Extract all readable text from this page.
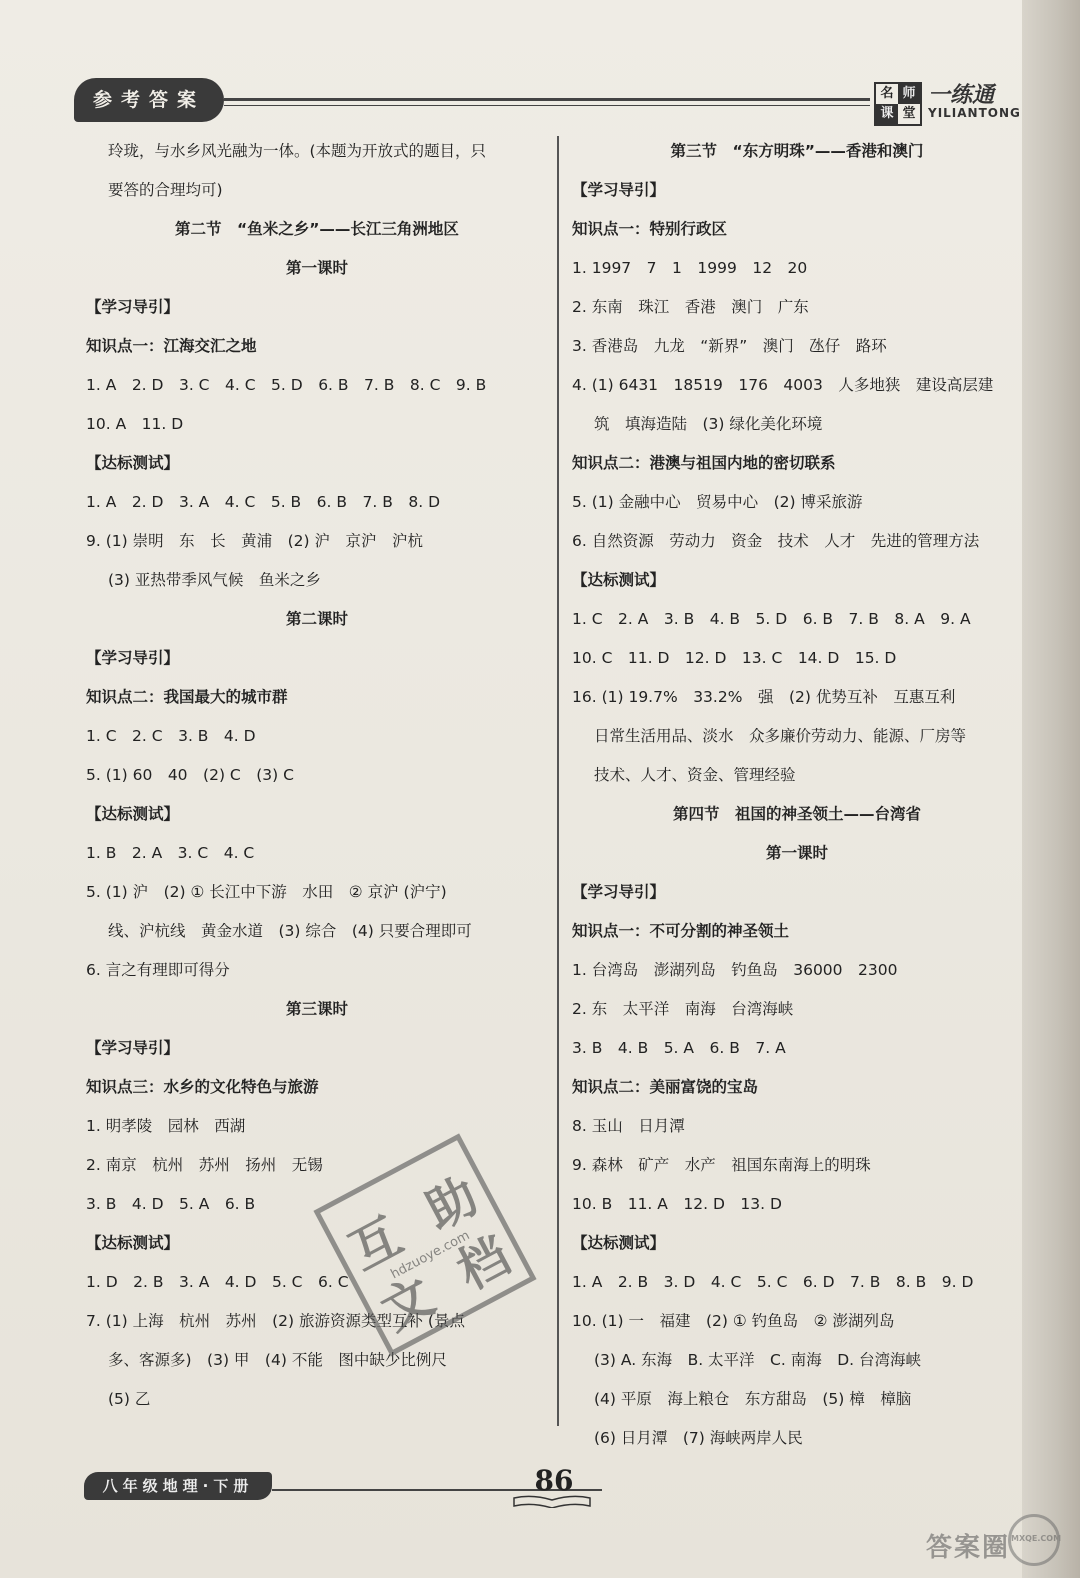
参考答案	名 师
课 堂
一练通
YILIANTONG
玲珑，与水乡风光融为一体。(本题为开放式的题目，只
要答的合理均可)
第二节　“鱼米之乡”——长江三角洲地区
第一课时
【学习导引】
知识点一：江海交汇之地
1. A　2. D　3. C　4. C　5. D　6. B　7. B　8. C　9. B
10. A　11. D
【达标测试】
1. A　2. D　3. A　4. C　5. B　6. B　7. B　8. D
9. (1) 崇明　东　长　黄浦　(2) 沪　京沪　沪杭
(3) 亚热带季风气候　鱼米之乡
第二课时
【学习导引】
知识点二：我国最大的城市群
1. C　2. C　3. B　4. D
5. (1) 60　40　(2) C　(3) C
【达标测试】
1. B　2. A　3. C　4. C
5. (1) 沪　(2) ① 长江中下游　水田　② 京沪 (沪宁)
线、沪杭线　黄金水道　(3) 综合　(4) 只要合理即可
6. 言之有理即可得分
第三课时
【学习导引】
知识点三：水乡的文化特色与旅游
1. 明孝陵　园林　西湖
2. 南京　杭州　苏州　扬州　无锡
3. B　4. D　5. A　6. B
【达标测试】
1. D　2. B　3. A　4. D　5. C　6. C
7. (1) 上海　杭州　苏州　(2) 旅游资源类型互补 (景点
多、客源多)　(3) 甲　(4) 不能　图中缺少比例尺
(5) 乙
第三节　“东方明珠”——香港和澳门
【学习导引】
知识点一：特别行政区
1. 1997　7　1　1999　12　20
2. 东南　珠江　香港　澳门　广东
3. 香港岛　九龙　“新界”　澳门　氹仔　路环
4. (1) 6431　18519　176　4003　人多地狭　建设高层建
筑　填海造陆　(3) 绿化美化环境
知识点二：港澳与祖国内地的密切联系
5. (1) 金融中心　贸易中心　(2) 博采旅游
6. 自然资源　劳动力　资金　技术　人才　先进的管理方法
【达标测试】
1. C　2. A　3. B　4. B　5. D　6. B　7. B　8. A　9. A
10. C　11. D　12. D　13. C　14. D　15. D
16. (1) 19.7%　33.2%　强　(2) 优势互补　互惠互利
日常生活用品、淡水　众多廉价劳动力、能源、厂房等
技术、人才、资金、管理经验
第四节　祖国的神圣领土——台湾省
第一课时
【学习导引】
知识点一：不可分割的神圣领土
1. 台湾岛　澎湖列岛　钓鱼岛　36000　2300
2. 东　太平洋　南海　台湾海峡
3. B　4. B　5. A　6. B　7. A
知识点二：美丽富饶的宝岛
8. 玉山　日月潭
9. 森林　矿产　水产　祖国东南海上的明珠
10. B　11. A　12. D　13. D
【达标测试】
1. A　2. B　3. D　4. C　5. C　6. D　7. B　8. B　9. D
10. (1) 一　福建　(2) ① 钓鱼岛　② 澎湖列岛
(3) A. 东海　B. 太平洋　C. 南海　D. 台湾海峡
(4) 平原　海上粮仓　东方甜岛　(5) 樟　樟脑
(6) 日月潭　(7) 海峡两岸人民
互
助
文
档
hdzuoye.com
八年级地理·下册	86
答案圈 MXQE.COM
